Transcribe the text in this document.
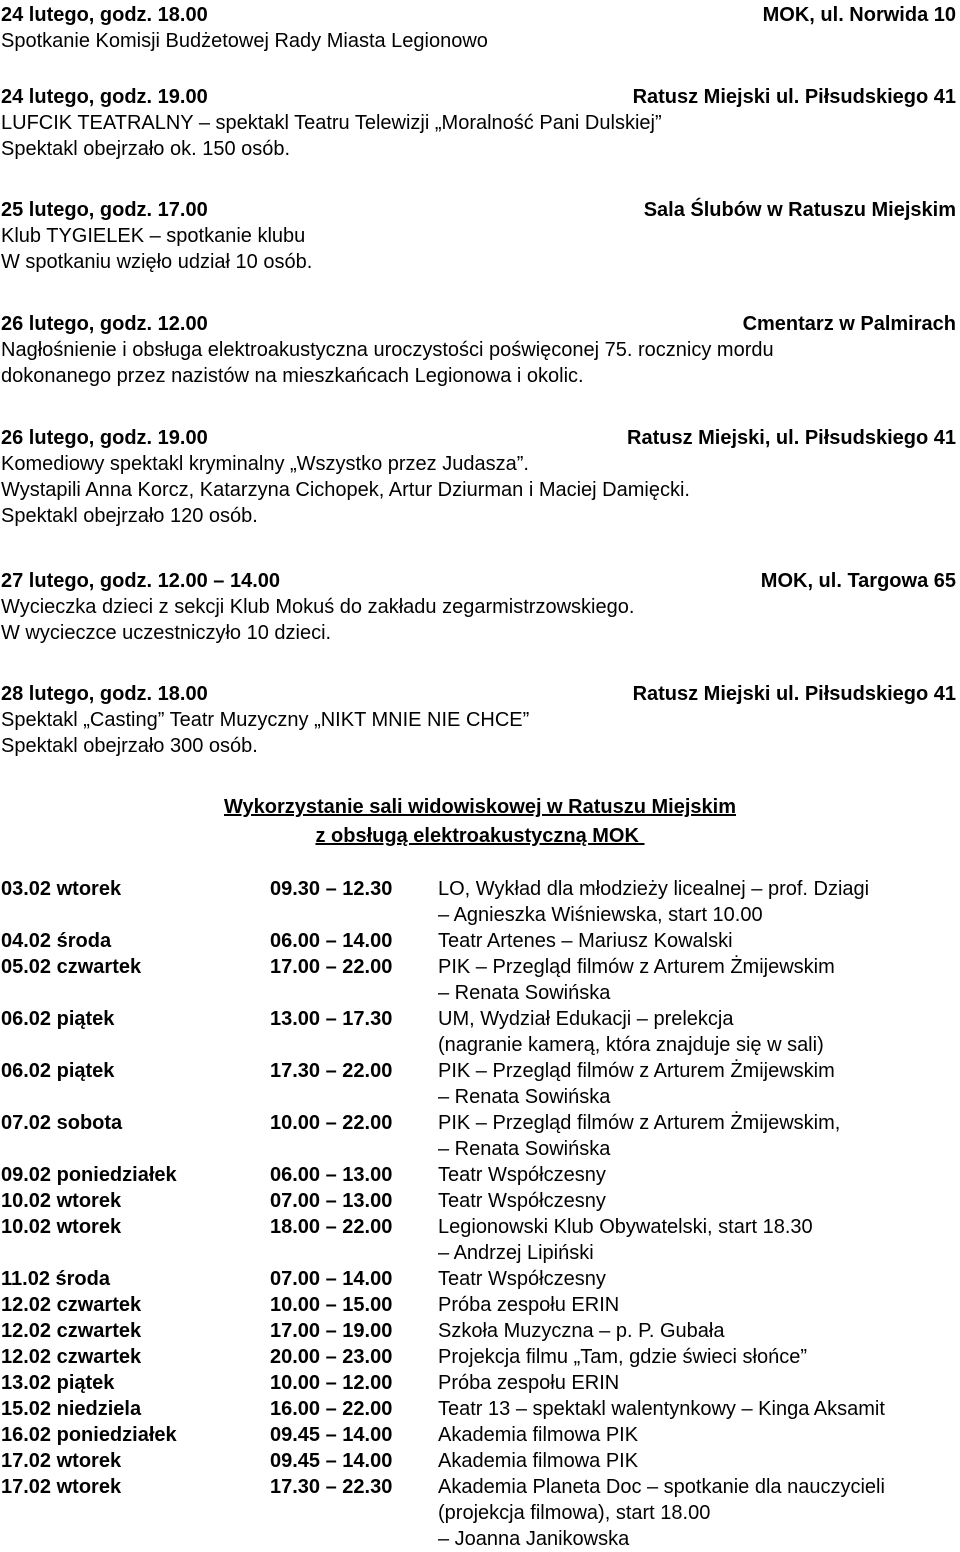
24 lutego, godz. 18.00	MOK, ul. Norwida 10
Spotkanie Komisji Budżetowej Rady Miasta Legionowo
24 lutego, godz. 19.00	Ratusz Miejski ul. Piłsudskiego 41
LUFCIK TEATRALNY – spektakl Teatru Telewizji „Moralność Pani Dulskiej”
Spektakl obejrzało ok. 150 osób.
25 lutego, godz. 17.00	Sala Ślubów w Ratuszu Miejskim
Klub TYGIELEK – spotkanie klubu
W spotkaniu wzięło udział 10 osób.
26 lutego, godz. 12.00	Cmentarz w Palmirach
Nagłośnienie i obsługa elektroakustyczna uroczystości poświęconej 75. rocznicy mordu
dokonanego przez nazistów na mieszkańcach Legionowa i okolic.
26 lutego, godz. 19.00	Ratusz Miejski, ul. Piłsudskiego 41
Komediowy spektakl kryminalny „Wszystko przez Judasza”.
Wystapili Anna Korcz, Katarzyna Cichopek, Artur Dziurman i Maciej Damięcki.
Spektakl obejrzało 120 osób.
27 lutego, godz. 12.00 – 14.00	MOK, ul. Targowa 65
Wycieczka dzieci z sekcji Klub Mokuś do zakładu zegarmistrzowskiego.
W wycieczce uczestniczyło 10 dzieci.
28 lutego, godz. 18.00	Ratusz Miejski ul. Piłsudskiego 41
Spektakl „Casting” Teatr Muzyczny „NIKT MNIE NIE CHCE”
Spektakl obejrzało 300 osób.
Wykorzystanie sali widowiskowej w Ratuszu Miejskim
z obsługą elektroakustyczną MOK
03.02 wtorek	09.30 – 12.30 LO, Wykład dla młodzieży licealnej – prof. Dziagi
– Agnieszka Wiśniewska, start 10.00
04.02 środa	06.00 – 14.00 Teatr Artenes – Mariusz Kowalski
05.02 czwartek	17.00 – 22.00 PIK – Przegląd filmów z Arturem Żmijewskim
– Renata Sowińska
06.02 piątek	13.00 – 17.30 UM, Wydział Edukacji – prelekcja
(nagranie kamerą, która znajduje się w sali)
06.02 piątek	17.30 – 22.00 PIK – Przegląd filmów z Arturem Żmijewskim
– Renata Sowińska
07.02 sobota	10.00 – 22.00 PIK – Przegląd filmów z Arturem Żmijewskim,
– Renata Sowińska
09.02 poniedziałek	06.00 – 13.00 Teatr Współczesny
10.02 wtorek	07.00 – 13.00 Teatr Współczesny
10.02 wtorek	18.00 – 22.00 Legionowski Klub Obywatelski, start 18.30
– Andrzej Lipiński
11.02 środa	07.00 – 14.00 Teatr Współczesny
12.02 czwartek	10.00 – 15.00 Próba zespołu ERIN
12.02 czwartek	17.00 – 19.00 Szkoła Muzyczna – p. P. Gubała
12.02 czwartek	20.00 – 23.00 Projekcja filmu „Tam, gdzie świeci słońce”
13.02 piątek	10.00 – 12.00 Próba zespołu ERIN
15.02 niedziela	16.00 – 22.00 Teatr 13 – spektakl walentynkowy – Kinga Aksamit
16.02 poniedziałek	09.45 – 14.00 Akademia filmowa PIK
17.02 wtorek	09.45 – 14.00 Akademia filmowa PIK
17.02 wtorek	17.30 – 22.30 Akademia Planeta Doc – spotkanie dla nauczycieli
(projekcja filmowa), start 18.00
– Joanna Janikowska
